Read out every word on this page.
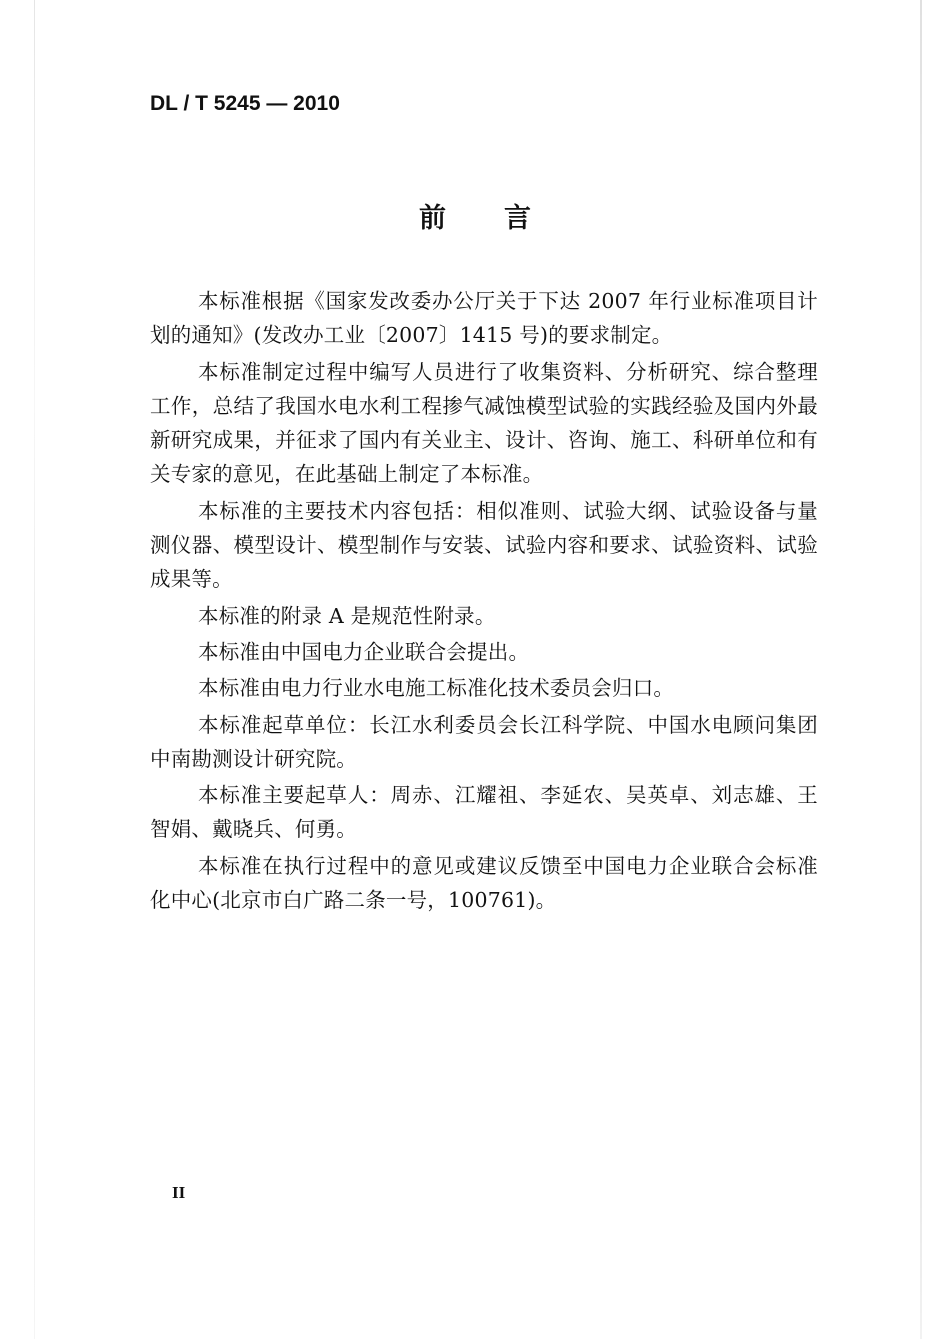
DL / T 5245 — 2010
前 言

本标准根据《国家发改委办公厅关于下达 2007 年行业标准项目计划的通知》(发改办工业〔2007〕1415 号)的要求制定。

本标准制定过程中编写人员进行了收集资料、分析研究、综合整理工作，总结了我国水电水利工程掺气减蚀模型试验的实践经验及国内外最新研究成果，并征求了国内有关业主、设计、咨询、施工、科研单位和有关专家的意见，在此基础上制定了本标准。

本标准的主要技术内容包括：相似准则、试验大纲、试验设备与量测仪器、模型设计、模型制作与安装、试验内容和要求、试验资料、试验成果等。

本标准的附录 A 是规范性附录。

本标准由中国电力企业联合会提出。

本标准由电力行业水电施工标准化技术委员会归口。

本标准起草单位：长江水利委员会长江科学院、中国水电顾问集团中南勘测设计研究院。

本标准主要起草人：周赤、江耀祖、李延农、吴英卓、刘志雄、王智娟、戴晓兵、何勇。

本标准在执行过程中的意见或建议反馈至中国电力企业联合会标准化中心(北京市白广路二条一号，100761)。

II
